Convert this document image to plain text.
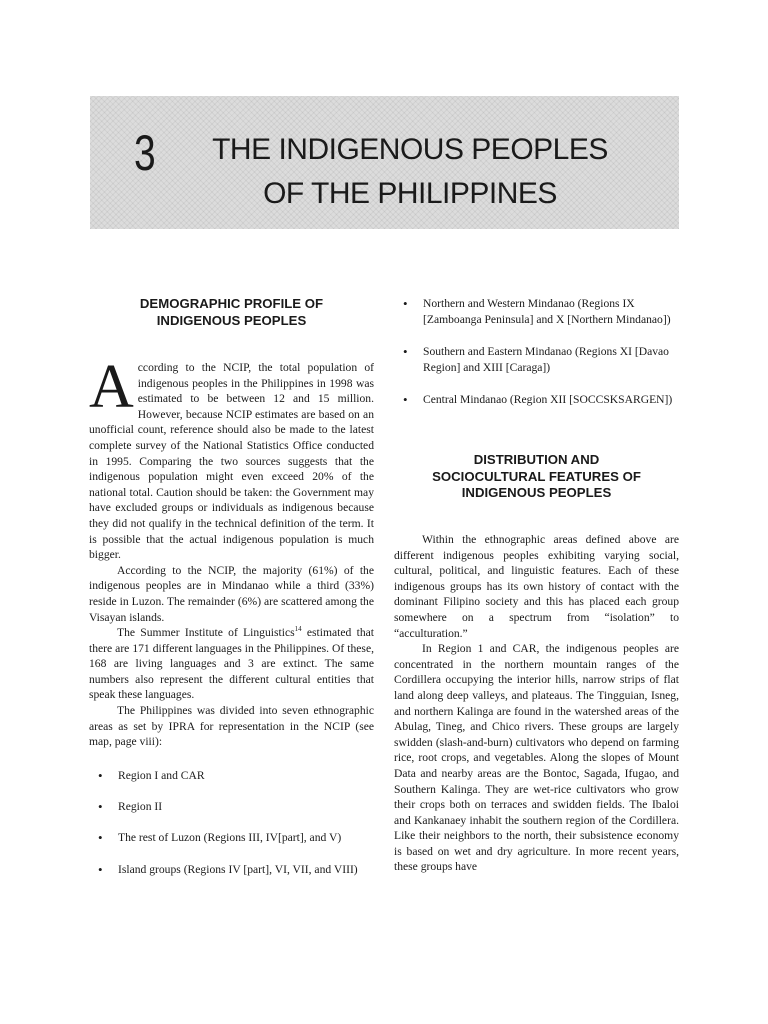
3	THE INDIGENOUS PEOPLES
OF THE PHILIPPINES
DEMOGRAPHIC PROFILE OF
INDIGENOUS PEOPLES

According to the NCIP, the total population of indigenous peoples in the Philippines in 1998 was estimated to be between 12 and 15 million. However, because NCIP estimates are based on an unofficial count, reference should also be made to the latest complete survey of the National Statistics Office conducted in 1995. Comparing the two sources suggests that the indigenous population might even exceed 20% of the national total. Caution should be taken: the Government may have excluded groups or individuals as indigenous because they did not qualify in the technical definition of the term. It is possible that the actual indigenous population is much bigger.

According to the NCIP, the majority (61%) of the indigenous peoples are in Mindanao while a third (33%) reside in Luzon. The remainder (6%) are scattered among the Visayan islands.

The Summer Institute of Linguistics$^{14}$ estimated that there are 171 different languages in the Philippines. Of these, 168 are living languages and 3 are extinct. The same numbers also represent the different cultural entities that speak these languages.

The Philippines was divided into seven ethnographic areas as set by IPRA for representation in the NCIP (see map, page viii):

• Region I and CAR
• Region II
• The rest of Luzon (Regions III, IV[part], and V)
• Island groups (Regions IV [part], VI, VII, and VIII)
• Northern and Western Mindanao (Regions IX [Zamboanga Peninsula] and X [Northern Mindanao])
• Southern and Eastern Mindanao (Regions XI [Davao Region] and XIII [Caraga])
• Central Mindanao (Region XII [SOCCSKSARGEN])
DISTRIBUTION AND
SOCIOCULTURAL FEATURES OF
INDIGENOUS PEOPLES

Within the ethnographic areas defined above are different indigenous peoples exhibiting varying social, cultural, political, and linguistic features. Each of these indigenous groups has its own history of contact with the dominant Filipino society and this has placed each group somewhere on a spectrum from “isolation” to “acculturation.”

In Region 1 and CAR, the indigenous peoples are concentrated in the northern mountain ranges of the Cordillera occupying the interior hills, narrow strips of flat land along deep valleys, and plateaus. The Tingguian, Isneg, and northern Kalinga are found in the watershed areas of the Abulag, Tineg, and Chico rivers. These groups are largely swidden (slash-and-burn) cultivators who depend on farming rice, root crops, and vegetables. Along the slopes of Mount Data and nearby areas are the Bontoc, Sagada, Ifugao, and Southern Kalinga. They are wet-rice cultivators who grow their crops both on terraces and swidden fields. The Ibaloi and Kankanaey inhabit the southern region of the Cordillera. Like their neighbors to the north, their subsistence economy is based on wet and dry agriculture. In more recent years, these groups have
